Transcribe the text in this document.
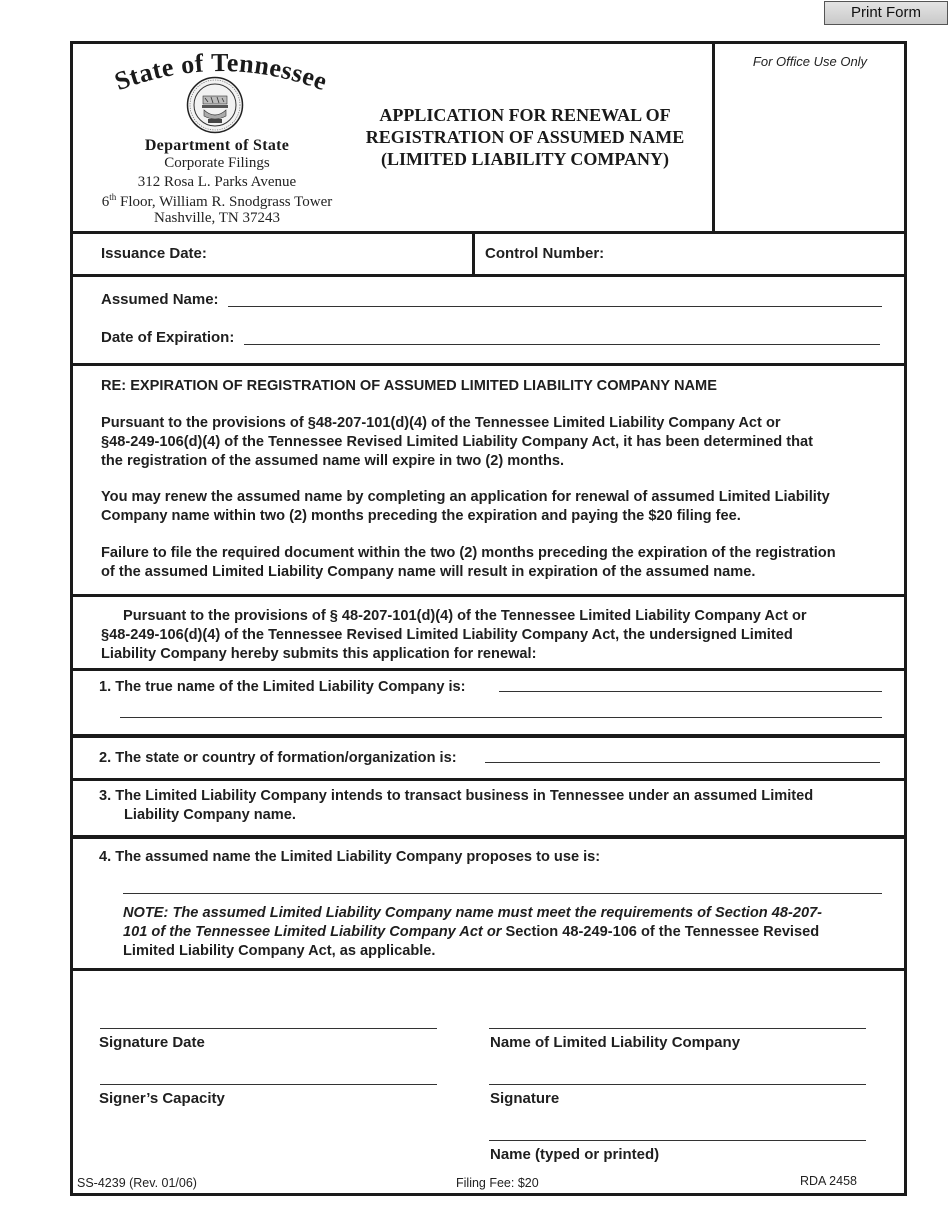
Print Form
State of Tennessee
Department of State
Corporate Filings
312 Rosa L. Parks Avenue
6th Floor, William R. Snodgrass Tower
Nashville, TN 37243
APPLICATION FOR RENEWAL OF
REGISTRATION OF ASSUMED NAME
(LIMITED LIABILITY COMPANY)
For Office Use Only
Issuance Date:	Control Number:
Assumed Name:
Date of Expiration:
RE: EXPIRATION OF REGISTRATION OF ASSUMED LIMITED LIABILITY COMPANY NAME
Pursuant to the provisions of §48-207-101(d)(4) of the Tennessee Limited Liability Company Act or
§48-249-106(d)(4) of the Tennessee Revised Limited Liability Company Act, it has been determined that
the registration of the assumed name will expire in two (2) months.
You may renew the assumed name by completing an application for renewal of assumed Limited Liability
Company name within two (2) months preceding the expiration and paying the $20 filing fee.
Failure to file the required document within the two (2) months preceding the expiration of the registration
of the assumed Limited Liability Company name will result in expiration of the assumed name.
Pursuant to the provisions of § 48-207-101(d)(4) of the Tennessee Limited Liability Company Act or
§48-249-106(d)(4) of the Tennessee Revised Limited Liability Company Act, the undersigned Limited
Liability Company hereby submits this application for renewal:
1. The true name of the Limited Liability Company is:
2. The state or country of formation/organization is:
3. The Limited Liability Company intends to transact business in Tennessee under an assumed Limited
Liability Company name.
4. The assumed name the Limited Liability Company proposes to use is:
NOTE: The assumed Limited Liability Company name must meet the requirements of Section 48-207-
101 of the Tennessee Limited Liability Company Act or Section 48-249-106 of the Tennessee Revised
Limited Liability Company Act, as applicable.
Signature Date	Name of Limited Liability Company
Signer’s Capacity	Signature
Name (typed or printed)
SS-4239 (Rev. 01/06)	Filing Fee: $20	RDA 2458
